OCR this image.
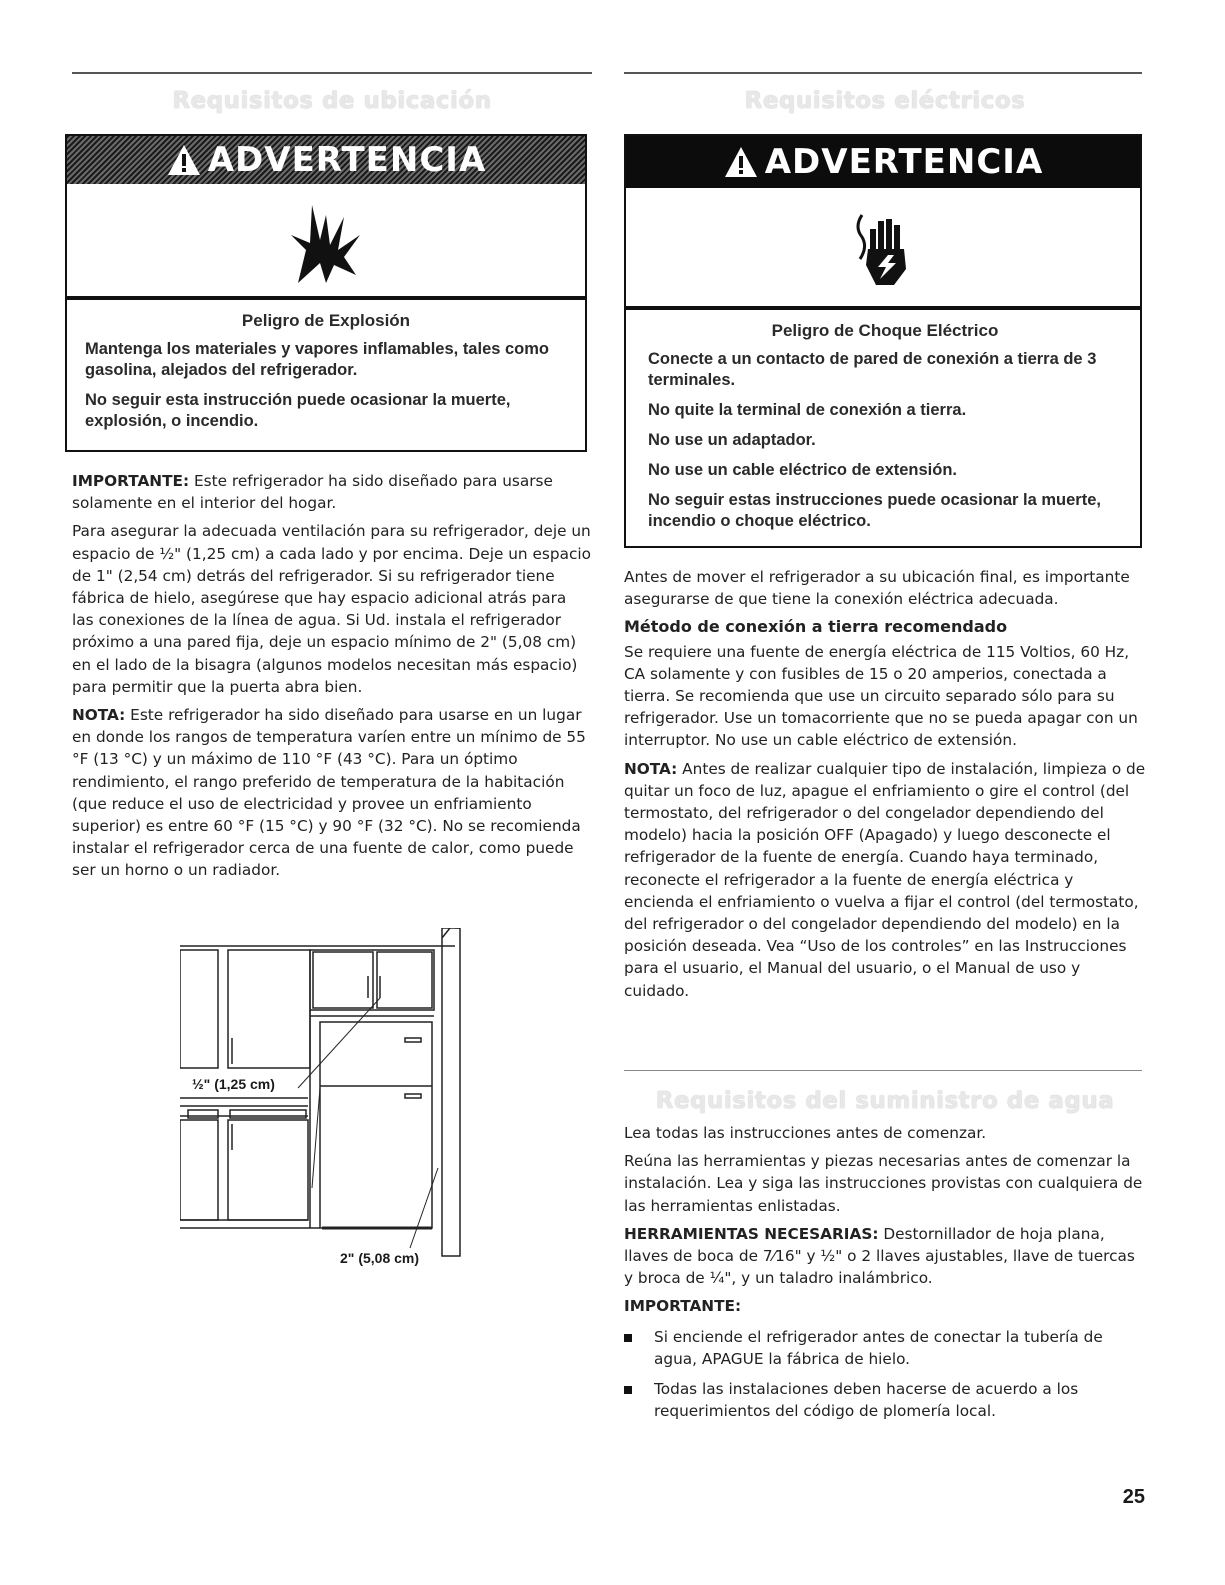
Requisitos de ubicación
ADVERTENCIA
Peligro de Explosión

Mantenga los materiales y vapores inflamables, tales como gasolina, alejados del refrigerador.

No seguir esta instrucción puede ocasionar la muerte, explosión, o incendio.

IMPORTANTE: Este refrigerador ha sido diseñado para usarse solamente en el interior del hogar.

Para asegurar la adecuada ventilación para su refrigerador, deje un espacio de ½" (1,25 cm) a cada lado y por encima. Deje un espacio de 1" (2,54 cm) detrás del refrigerador. Si su refrigerador tiene fábrica de hielo, asegúrese que hay espacio adicional atrás para las conexiones de la línea de agua. Si Ud. instala el refrigerador próximo a una pared fija, deje un espacio mínimo de 2" (5,08 cm) en el lado de la bisagra (algunos modelos necesitan más espacio) para permitir que la puerta abra bien.

NOTA: Este refrigerador ha sido diseñado para usarse en un lugar en donde los rangos de temperatura varíen entre un mínimo de 55 °F (13 °C) y un máximo de 110 °F (43 °C). Para un óptimo rendimiento, el rango preferido de temperatura de la habitación (que reduce el uso de electricidad y provee un enfriamiento superior) es entre 60 °F (15 °C) y 90 °F (32 °C). No se recomienda instalar el refrigerador cerca de una fuente de calor, como puede ser un horno o un radiador.

½" (1,25 cm)
2" (5,08 cm)
Requisitos eléctricos
ADVERTENCIA
Peligro de Choque Eléctrico

Conecte a un contacto de pared de conexión a tierra de 3 terminales.

No quite la terminal de conexión a tierra.

No use un adaptador.

No use un cable eléctrico de extensión.

No seguir estas instrucciones puede ocasionar la muerte, incendio o choque eléctrico.

Antes de mover el refrigerador a su ubicación final, es importante asegurarse de que tiene la conexión eléctrica adecuada.

Método de conexión a tierra recomendado

Se requiere una fuente de energía eléctrica de 115 Voltios, 60 Hz, CA solamente y con fusibles de 15 o 20 amperios, conectada a tierra. Se recomienda que use un circuito separado sólo para su refrigerador. Use un tomacorriente que no se pueda apagar con un interruptor. No use un cable eléctrico de extensión.

NOTA: Antes de realizar cualquier tipo de instalación, limpieza o de quitar un foco de luz, apague el enfriamiento o gire el control (del termostato, del refrigerador o del congelador dependiendo del modelo) hacia la posición OFF (Apagado) y luego desconecte el refrigerador de la fuente de energía. Cuando haya terminado, reconecte el refrigerador a la fuente de energía eléctrica y encienda el enfriamiento o vuelva a fijar el control (del termostato, del refrigerador o del congelador dependiendo del modelo) en la posición deseada. Vea “Uso de los controles” en las Instrucciones para el usuario, el Manual del usuario, o el Manual de uso y cuidado.

Requisitos del suministro de agua

Lea todas las instrucciones antes de comenzar.

Reúna las herramientas y piezas necesarias antes de comenzar la instalación. Lea y siga las instrucciones provistas con cualquiera de las herramientas enlistadas.

HERRAMIENTAS NECESARIAS: Destornillador de hoja plana, llaves de boca de 7⁄16" y ½" o 2 llaves ajustables, llave de tuercas y broca de ¼", y un taladro inalámbrico.

IMPORTANTE:
Si enciende el refrigerador antes de conectar la tubería de agua, APAGUE la fábrica de hielo.
Todas las instalaciones deben hacerse de acuerdo a los requerimientos del código de plomería local.
25
